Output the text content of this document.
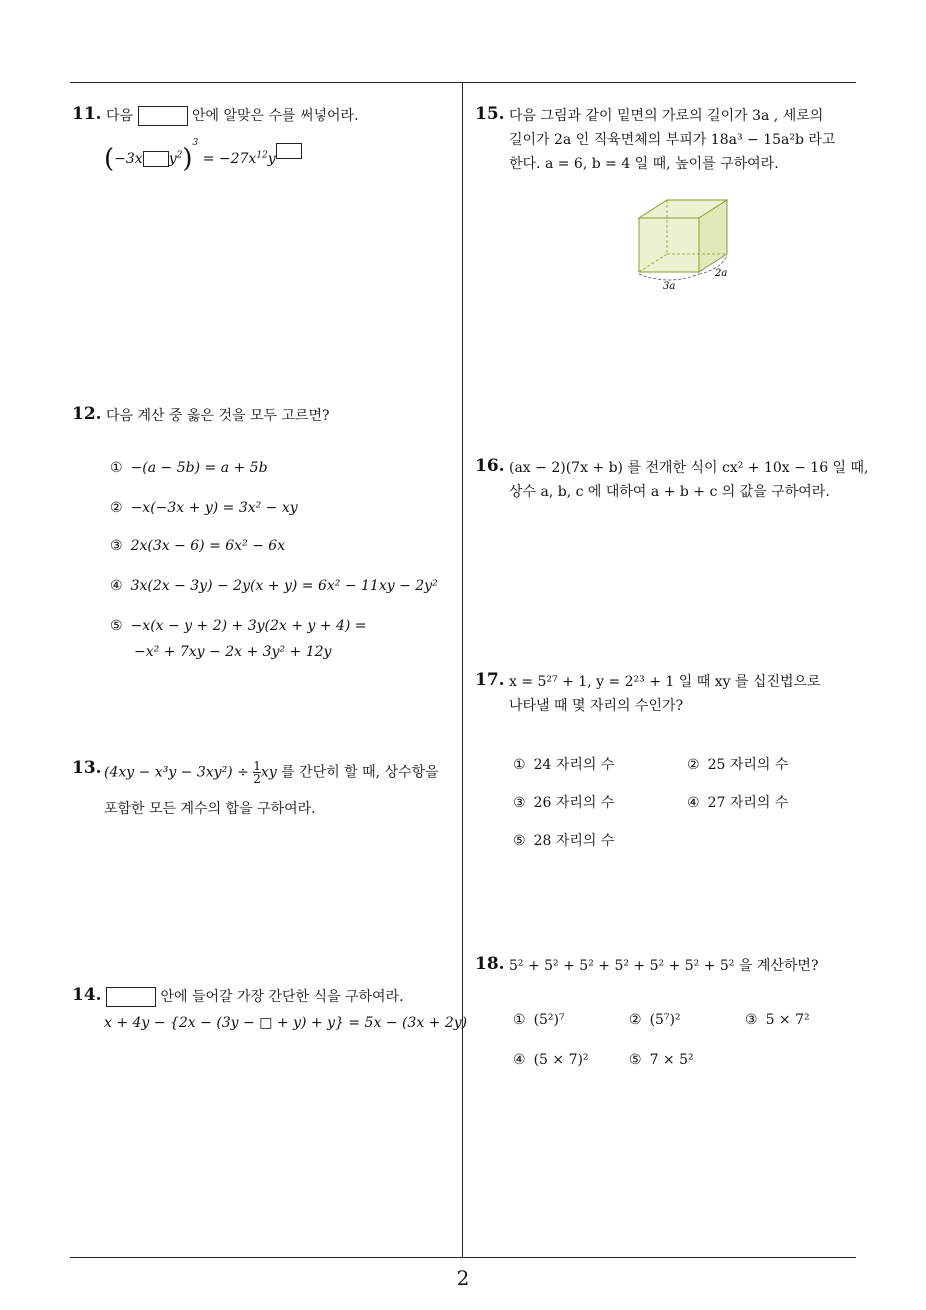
11. 다음	안에 알맞은 수를 써넣어라.
(−3x $y^2)^3 = -27x^{12}y$
12. 다음 계산 중 옳은 것을 모두 고르면?
① −(a − 5b) = a + 5b
② −x(−3x + y) = 3x² − xy
③ 2x(3x − 6) = 6x² − 6x
④ 3x(2x − 3y) − 2y(x + y) = 6x² − 11xy − 2y²
⑤ −x(x − y + 2) + 3y(2x + y + 4) =
−x² + 7xy − 2x + 3y² + 12y
13. $(4xy - x^3y - 3xy^2) \div \frac{1}{2}$ xy 를 간단히 할 때, 상수항을
포함한 모든 계수의 합을 구하여라.
14.	안에 들어갈 가장 간단한 식을 구하여라.
x + 4y − {2x − (3y − □ + y) + y} = 5x − (3x + 2y)
15. 다음 그림과 같이 밑면의 가로의 길이가 3a , 세로의
길이가 2a 인 직육면체의 부피가 18a³ − 15a²b 라고
한다. a = 6, b = 4 일 때, 높이를 구하여라.
3a
2a
16. (ax − 2)(7x + b) 를 전개한 식이 cx² + 10x − 16 일 때,
상수 a, b, c 에 대하여 a + b + c 의 값을 구하여라.
17. x = 5²⁷ + 1, y = 2²³ + 1 일 때 xy 를 십진법으로
나타낼 때 몇 자리의 수인가?
① 24 자리의 수	② 25 자리의 수
③ 26 자리의 수	④ 27 자리의 수
⑤ 28 자리의 수
18. 5² + 5² + 5² + 5² + 5² + 5² + 5² 을 계산하면?
① (5²)⁷	② (5⁷)²	③ 5 × 7²
④ (5 × 7)²	⑤ 7 × 5²
2
